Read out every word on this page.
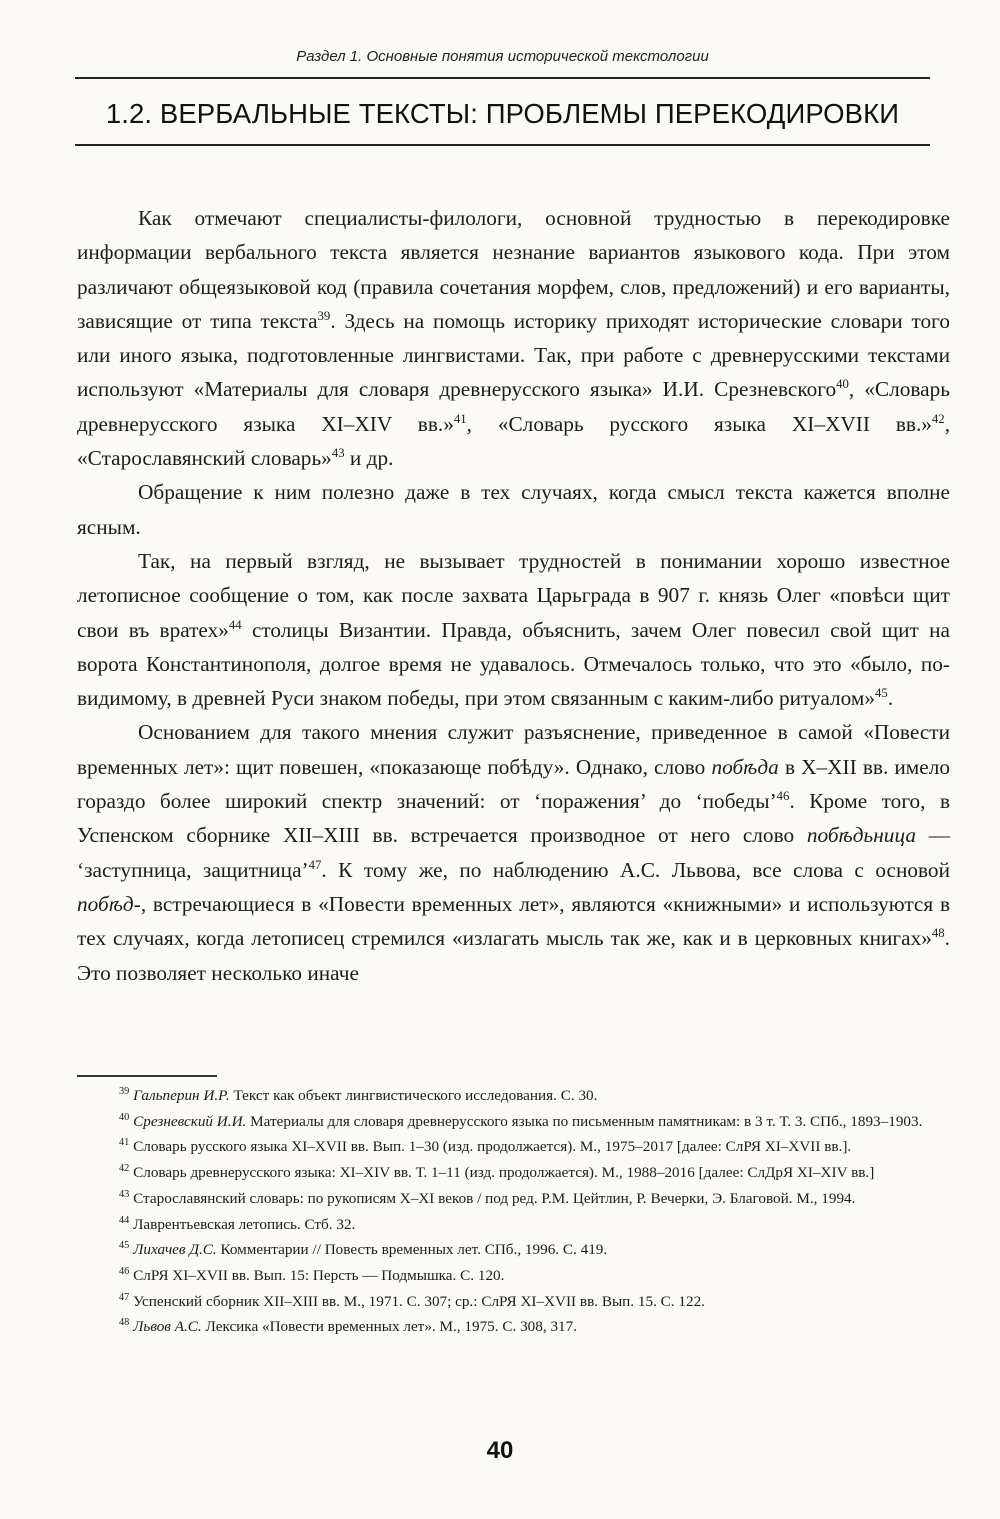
Раздел 1. Основные понятия исторической текстологии
1.2. ВЕРБАЛЬНЫЕ ТЕКСТЫ: ПРОБЛЕМЫ ПЕРЕКОДИРОВКИ

Как отмечают специалисты-филологи, основной трудностью в перекодировке информации вербального текста является незнание вариантов языкового кода. При этом различают общеязыковой код (правила сочетания морфем, слов, предложений) и его варианты, зависящие от типа текста$^{39}$. Здесь на помощь историку приходят исторические словари того или иного языка, подготовленные лингвистами. Так, при работе с древнерусскими текстами используют «Материалы для словаря древнерусского языка» И.И. Срезневского$^{40}$, «Словарь древнерусского языка XI–XIV вв.»$^{41}$, «Словарь русского языка XI–XVII вв.»$^{42}$, «Старославянский словарь»$^{43}$ и др.

Обращение к ним полезно даже в тех случаях, когда смысл текста кажется вполне ясным.

Так, на первый взгляд, не вызывает трудностей в понимании хорошо известное летописное сообщение о том, как после захвата Царьграда в 907 г. князь Олег «повѣси щит свои въ вратех»$^{44}$ столицы Византии. Правда, объяснить, зачем Олег повесил свой щит на ворота Константинополя, долгое время не удавалось. Отмечалось только, что это «было, по-видимому, в древней Руси знаком победы, при этом связанным с каким-либо ритуалом»$^{45}$.

Основанием для такого мнения служит разъяснение, приведенное в самой «Повести временных лет»: щит повешен, «показающе побѣду». Однако, слово побѣда в X–XII вв. имело гораздо более широкий спектр значений: от ‘поражения’ до ‘победы’$^{46}$. Кроме того, в Успенском сборнике XII–XIII вв. встречается производное от него слово побѣдьница — ‘заступница, защитница’$^{47}$. К тому же, по наблюдению А.С. Львова, все слова с основой побѣд-, встречающиеся в «Повести временных лет», являются «книжными» и используются в тех случаях, когда летописец стремился «излагать мысль так же, как и в церковных книгах»$^{48}$. Это позволяет несколько иначе

$^{39}$ Гальперин И.Р. Текст как объект лингвистического исследования. С. 30.

$^{40}$ Срезневский И.И. Материалы для словаря древнерусского языка по письменным памятникам: в 3 т. Т. 3. СПб., 1893–1903.

$^{41}$ Словарь русского языка XI–XVII вв. Вып. 1–30 (изд. продолжается). М., 1975–2017 [далее: СлРЯ XI–XVII вв.].

$^{42}$ Словарь древнерусского языка: XI–XIV вв. Т. 1–11 (изд. продолжается). М., 1988–2016 [далее: СлДрЯ XI–XIV вв.]

$^{43}$ Старославянский словарь: по рукописям X–XI веков / под ред. Р.М. Цейтлин, Р. Вечерки, Э. Благовой. М., 1994.

$^{44}$ Лаврентьевская летопись. Стб. 32.

$^{45}$ Лихачев Д.С. Комментарии // Повесть временных лет. СПб., 1996. С. 419.

$^{46}$ СлРЯ XI–XVII вв. Вып. 15: Персть — Подмышка. С. 120.

$^{47}$ Успенский сборник XII–XIII вв. М., 1971. С. 307; ср.: СлРЯ XI–XVII вв. Вып. 15. С. 122.

$^{48}$ Львов А.С. Лексика «Повести временных лет». М., 1975. С. 308, 317.

40
